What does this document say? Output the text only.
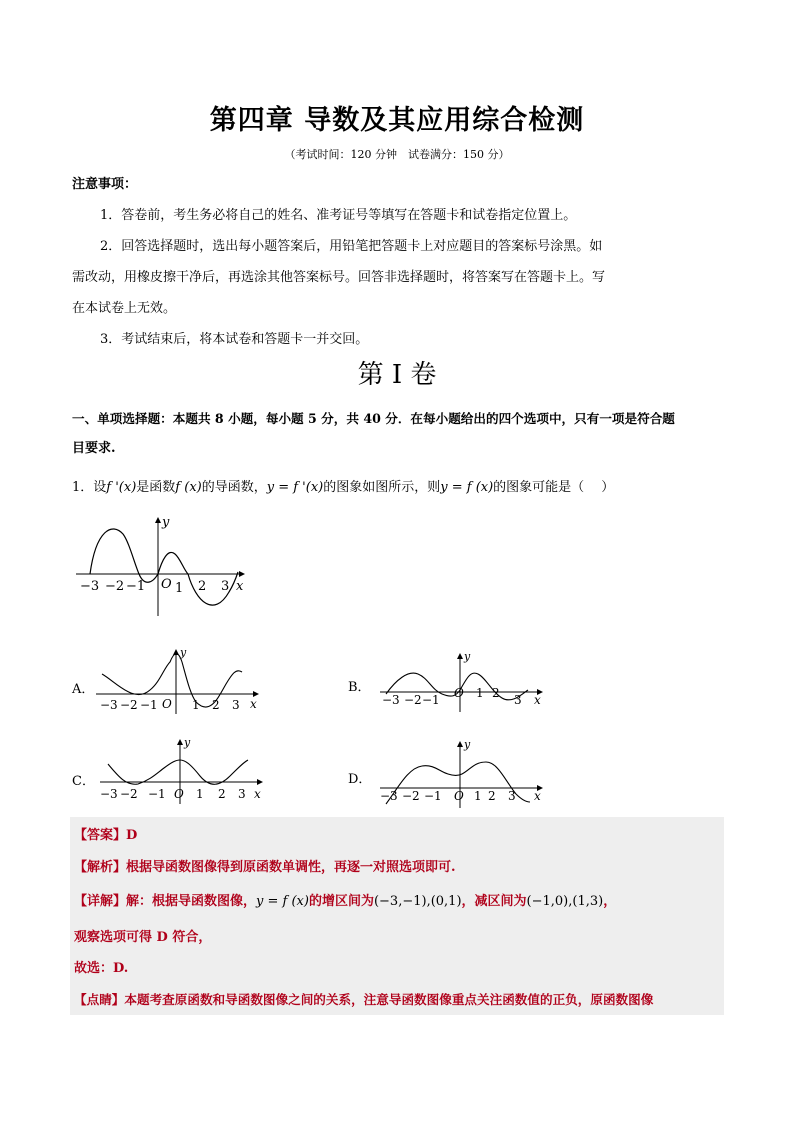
第四章 导数及其应用综合检测
（考试时间：120 分钟　试卷满分：150 分）
注意事项：
1．答卷前，考生务必将自己的姓名、准考证号等填写在答题卡和试卷指定位置上。
2．回答选择题时，选出每小题答案后，用铅笔把答题卡上对应题目的答案标号涂黑。如
需改动，用橡皮擦干净后，再选涂其他答案标号。回答非选择题时，将答案写在答题卡上。写
在本试卷上无效。
3．考试结束后，将本试卷和答题卡一并交回。
第 I 卷
一、单项选择题：本题共 8 小题，每小题 5 分，共 40 分．在每小题给出的四个选项中，只有一项是符合题
目要求.
1．设f '(x)是函数f (x)的导函数，y = f '(x)的图象如图所示，则y = f (x)的图象可能是（　 ）
y
x
O
−3 −2 −1 1 2 3
A．
y
x
O
−3 −2 −1	1 2 3
B．
y
x
O
−3 −2 −1	1 2 3
C．
y
x
O
−3 −2 −1	1 2 3
D．
y
x
O
−3 −2 −1	1 2 3
【答案】D
【解析】根据导函数图像得到原函数单调性，再逐一对照选项即可.
【详解】解：根据导函数图像，y = f (x)的增区间为(−3,−1),(0,1)，减区间为(−1,0),(1,3)，
观察选项可得 D 符合，
故选：D.
【点睛】本题考查原函数和导函数图像之间的关系，注意导函数图像重点关注函数值的正负，原函数图像
